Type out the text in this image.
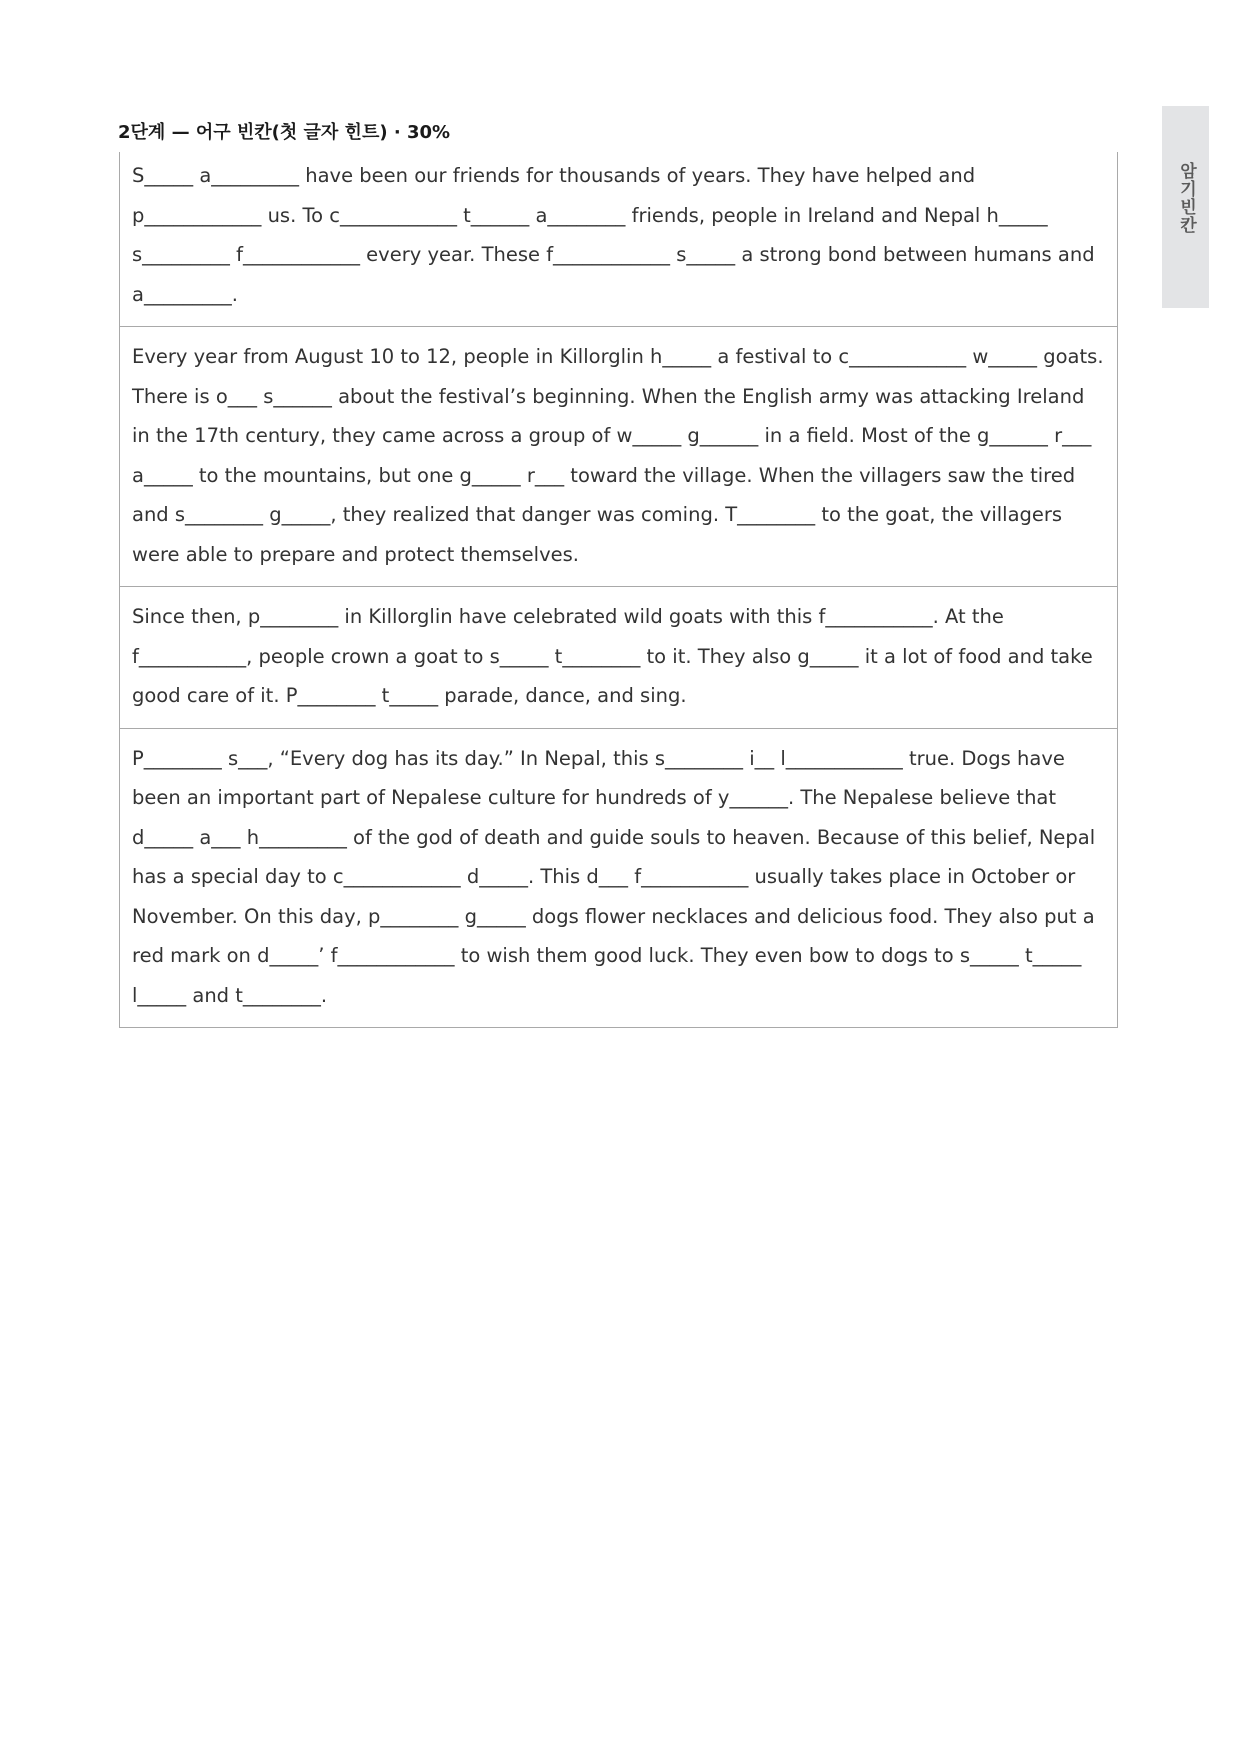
2단계 — 어구 빈칸(첫 글자 힌트) · 30%
암기빈칸
S_____ a_________ have been our friends for thousands of years. They have helped and p____________ us. To c____________ t______ a________ friends, people in Ireland and Nepal h_____ s_________ f____________ every year. These f____________ s_____ a strong bond between humans and a_________.
Every year from August 10 to 12, people in Killorglin h_____ a festival to c____________ w_____ goats. There is o___ s______ about the festival’s beginning. When the English army was attacking Ireland in the 17th century, they came across a group of w_____ g______ in a field. Most of the g______ r___ a_____ to the mountains, but one g_____ r___ toward the village. When the villagers saw the tired and s________ g_____, they realized that danger was coming. T________ to the goat, the villagers were able to prepare and protect themselves.
Since then, p________ in Killorglin have celebrated wild goats with this f___________. At the f___________, people crown a goat to s_____ t________ to it. They also g_____ it a lot of food and take good care of it. P________ t_____ parade, dance, and sing.
P________ s___, “Every dog has its day.” In Nepal, this s________ i__ l____________ true. Dogs have been an important part of Nepalese culture for hundreds of y______. The Nepalese believe that d_____ a___ h_________ of the god of death and guide souls to heaven. Because of this belief, Nepal has a special day to c____________ d_____. This d___ f___________ usually takes place in October or November. On this day, p________ g_____ dogs flower necklaces and delicious food. They also put a red mark on d_____’ f____________ to wish them good luck. They even bow to dogs to s_____ t_____ l_____ and t________.
